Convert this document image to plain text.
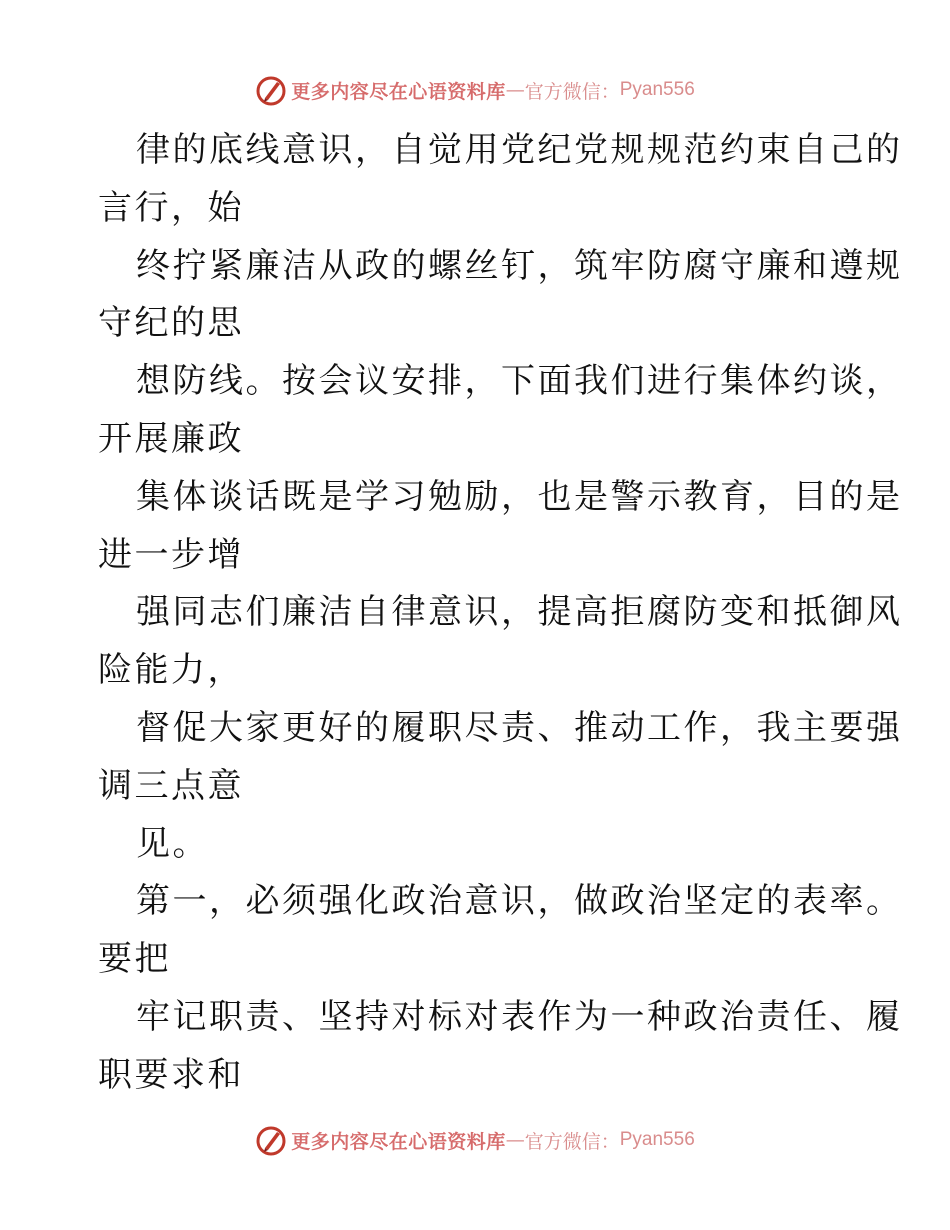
更多内容尽在心语资料库 — 官方微信： Pyan556
律的底线意识，自觉用党纪党规规范约束自己的
言行，始
终拧紧廉洁从政的螺丝钉，筑牢防腐守廉和遵规
守纪的思
想防线。按会议安排，下面我们进行集体约谈，
开展廉政
集体谈话既是学习勉励，也是警示教育，目的是
进一步增
强同志们廉洁自律意识，提高拒腐防变和抵御风
险能力，
督促大家更好的履职尽责、推动工作，我主要强
调三点意
见。
第一，必须强化政治意识，做政治坚定的表率。
要把
牢记职责、坚持对标对表作为一种政治责任、履
职要求和
更多内容尽在心语资料库 — 官方微信： Pyan556
